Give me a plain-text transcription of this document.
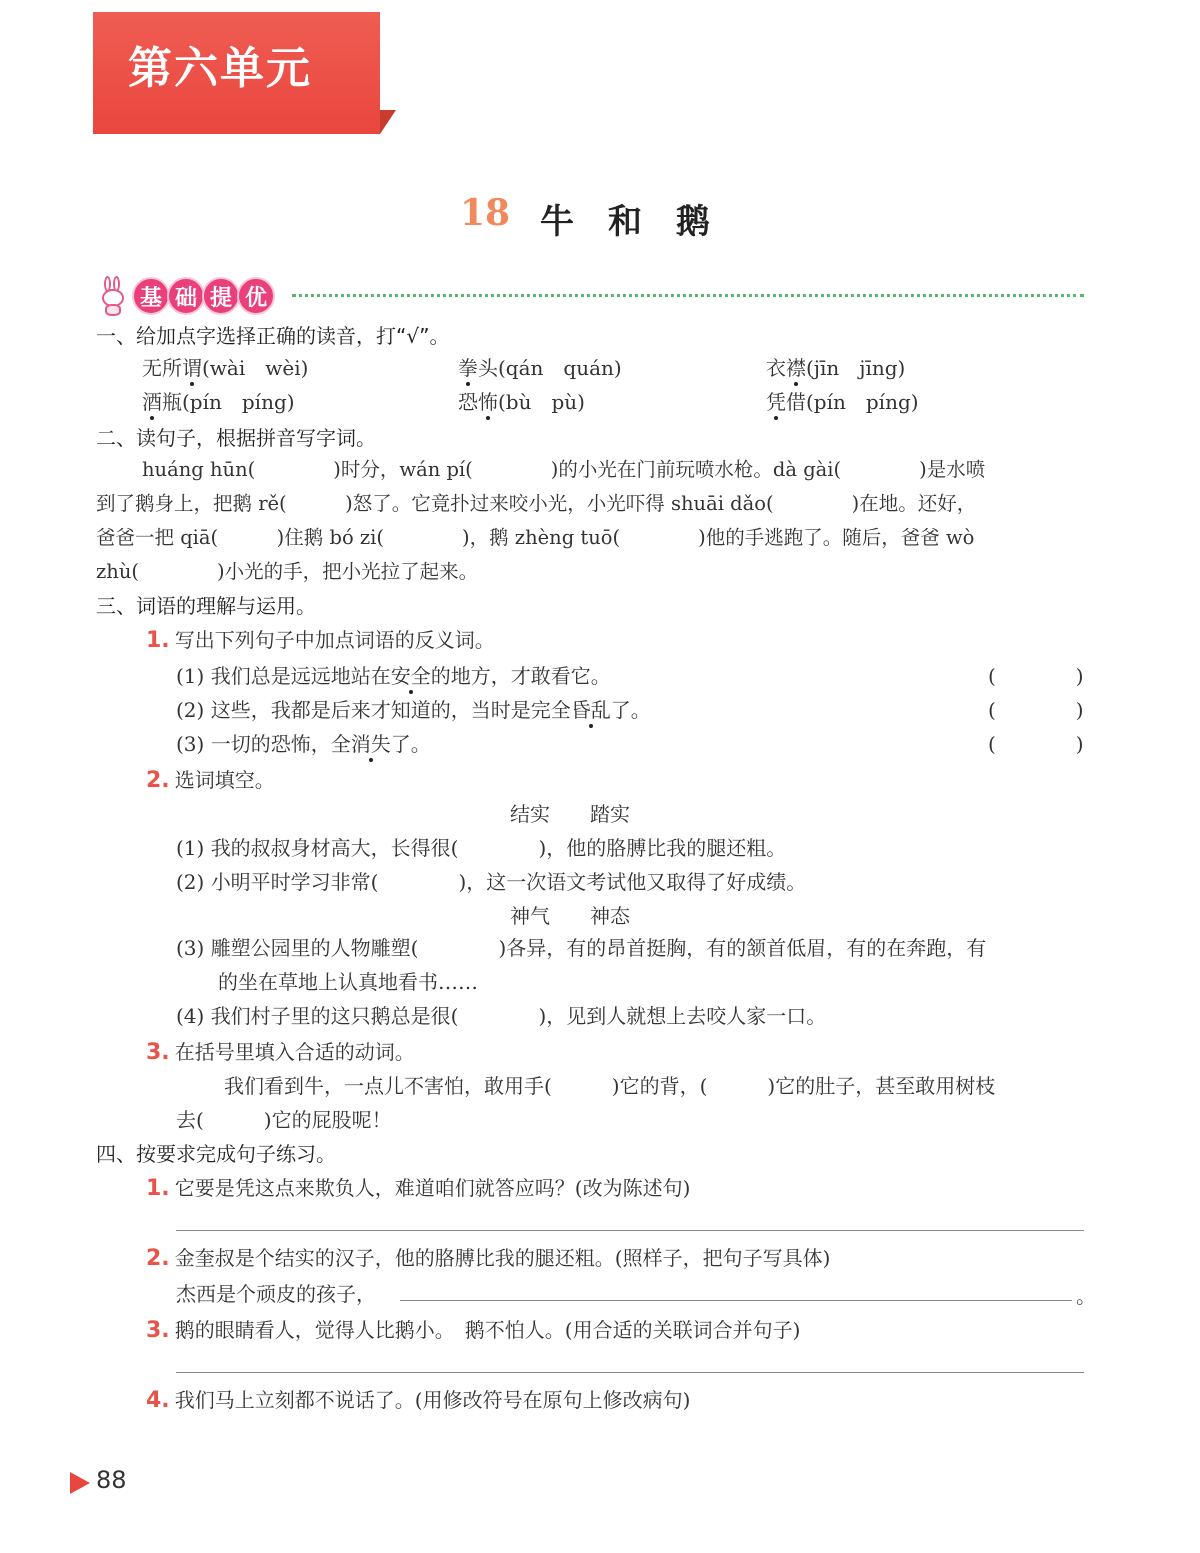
第六单元
18 牛和鹅
基 础 提 优
一、给加点字选择正确的读音，打“√”。
无所谓(wài　wèi)	拳头(qán　quán)	衣襟(jīn　jīng)
酒瓶(pín　píng)	恐怖(bù　pù)	凭借(pín　píng)
二、读句子，根据拼音写字词。
huáng hūn(　　　　)时分，wán pí(　　　　)的小光在门前玩喷水枪。dà gài(　　　　)是水喷
到了鹅身上，把鹅 rě(　　　)怒了。它竟扑过来咬小光，小光吓得 shuāi dǎo(　　　　)在地。还好，
爸爸一把 qiā(　　　)住鹅 bó zi(　　　　)，鹅 zhèng tuō(　　　　)他的手逃跑了。随后，爸爸 wò
zhù(　　　　)小光的手，把小光拉了起来。
三、词语的理解与运用。
1. 写出下列句子中加点词语的反义词。
(1) 我们总是远远地站在安全的地方，才敢看它。	(　　　　)
(2) 这些，我都是后来才知道的，当时是完全昏乱了。	(　　　　)
(3) 一切的恐怖，全消失了。	(　　　　)
2. 选词填空。
结实　　踏实
(1) 我的叔叔身材高大，长得很(　　　　)，他的胳膊比我的腿还粗。
(2) 小明平时学习非常(　　　　)，这一次语文考试他又取得了好成绩。
神气　　神态
(3) 雕塑公园里的人物雕塑(　　　　)各异，有的昂首挺胸，有的颔首低眉，有的在奔跑，有
的坐在草地上认真地看书……
(4) 我们村子里的这只鹅总是很(　　　　)，见到人就想上去咬人家一口。
3. 在括号里填入合适的动词。
我们看到牛，一点儿不害怕，敢用手(　　　)它的背，(　　　)它的肚子，甚至敢用树枝
去(　　　)它的屁股呢！
四、按要求完成句子练习。
1. 它要是凭这点来欺负人，难道咱们就答应吗？(改为陈述句)
2. 金奎叔是个结实的汉子，他的胳膊比我的腿还粗。(照样子，把句子写具体)
杰西是个顽皮的孩子，	。
3. 鹅的眼睛看人，觉得人比鹅小。　鹅不怕人。(用合适的关联词合并句子)
4. 我们马上立刻都不说话了。(用修改符号在原句上修改病句)
88
